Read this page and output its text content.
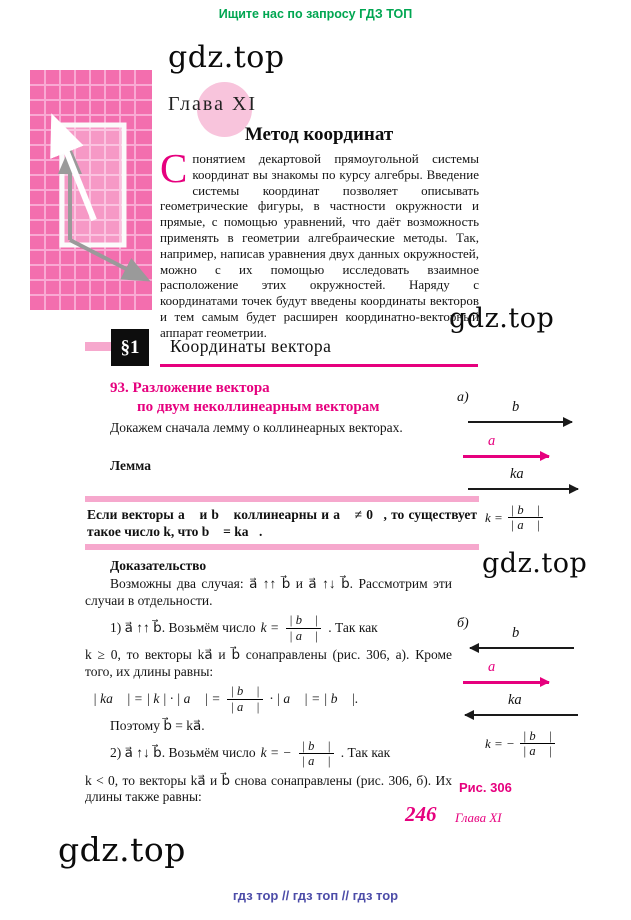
Ищите нас по запросу ГДЗ ТОП
gdz.top
gdz.top
gdz.top
gdz.top
Глава XI
Метод координат
С понятием декартовой прямоугольной системы координат вы знакомы по курсу алгебры. Введение системы координат позволяет описывать геометрические фигуры, в частности окружности и прямые, с помощью уравнений, что даёт возможность применять в геометрии алгебраические методы. Так, например, написав уравнения двух данных окружностей, можно с их помощью исследовать взаимное расположение этих окружностей. Наряду с координатами точек будут введены координаты векторов и тем самым будет расширен координатно-векторный аппарат геометрии.
§1	Координаты вектора
93. Разложение вектора
по двум неколлинеарным векторам

Докажем сначала лемму о коллинеарных векторах.

Лемма

Если векторы a⃗ и b⃗ коллинеарны и a⃗ ≠ 0⃗, то существует такое число k, что b⃗ = ka⃗.

Доказательство

Возможны два случая: a⃗ ↑↑ b⃗ и a⃗ ↑↓ b⃗. Рассмотрим эти случаи в отдельности.

1) a⃗ ↑↑ b⃗. Возьмём число $k = \frac{| b⃗ |}{| a⃗ |}$ . Так как

k ≥ 0, то векторы ka⃗ и b⃗ сонаправлены (рис. 306, а). Кроме того, их длины равны:

| ka⃗ | = | k | · | a⃗ | = $\frac{| b⃗ |}{| a⃗ |}$ · | a⃗ | = | b⃗ |.

Поэтому b⃗ = ka⃗.

2) a⃗ ↑↓ b⃗. Возьмём число k = − $\frac{| b⃗ |}{| a⃗ |}$ . Так как

k < 0, то векторы ka⃗ и b⃗ снова сонаправлены (рис. 306, б). Их длины также равны:

а)
b⃗
a⃗
ka⃗
$k = \frac{| b⃗ |}{| a⃗ |}$
б)
b⃗
a⃗
ka⃗
k = − $\frac{| b⃗ |}{| a⃗ |}$
Рис. 306
246 Глава XI
гдз тор // гдз топ // гдз тор
